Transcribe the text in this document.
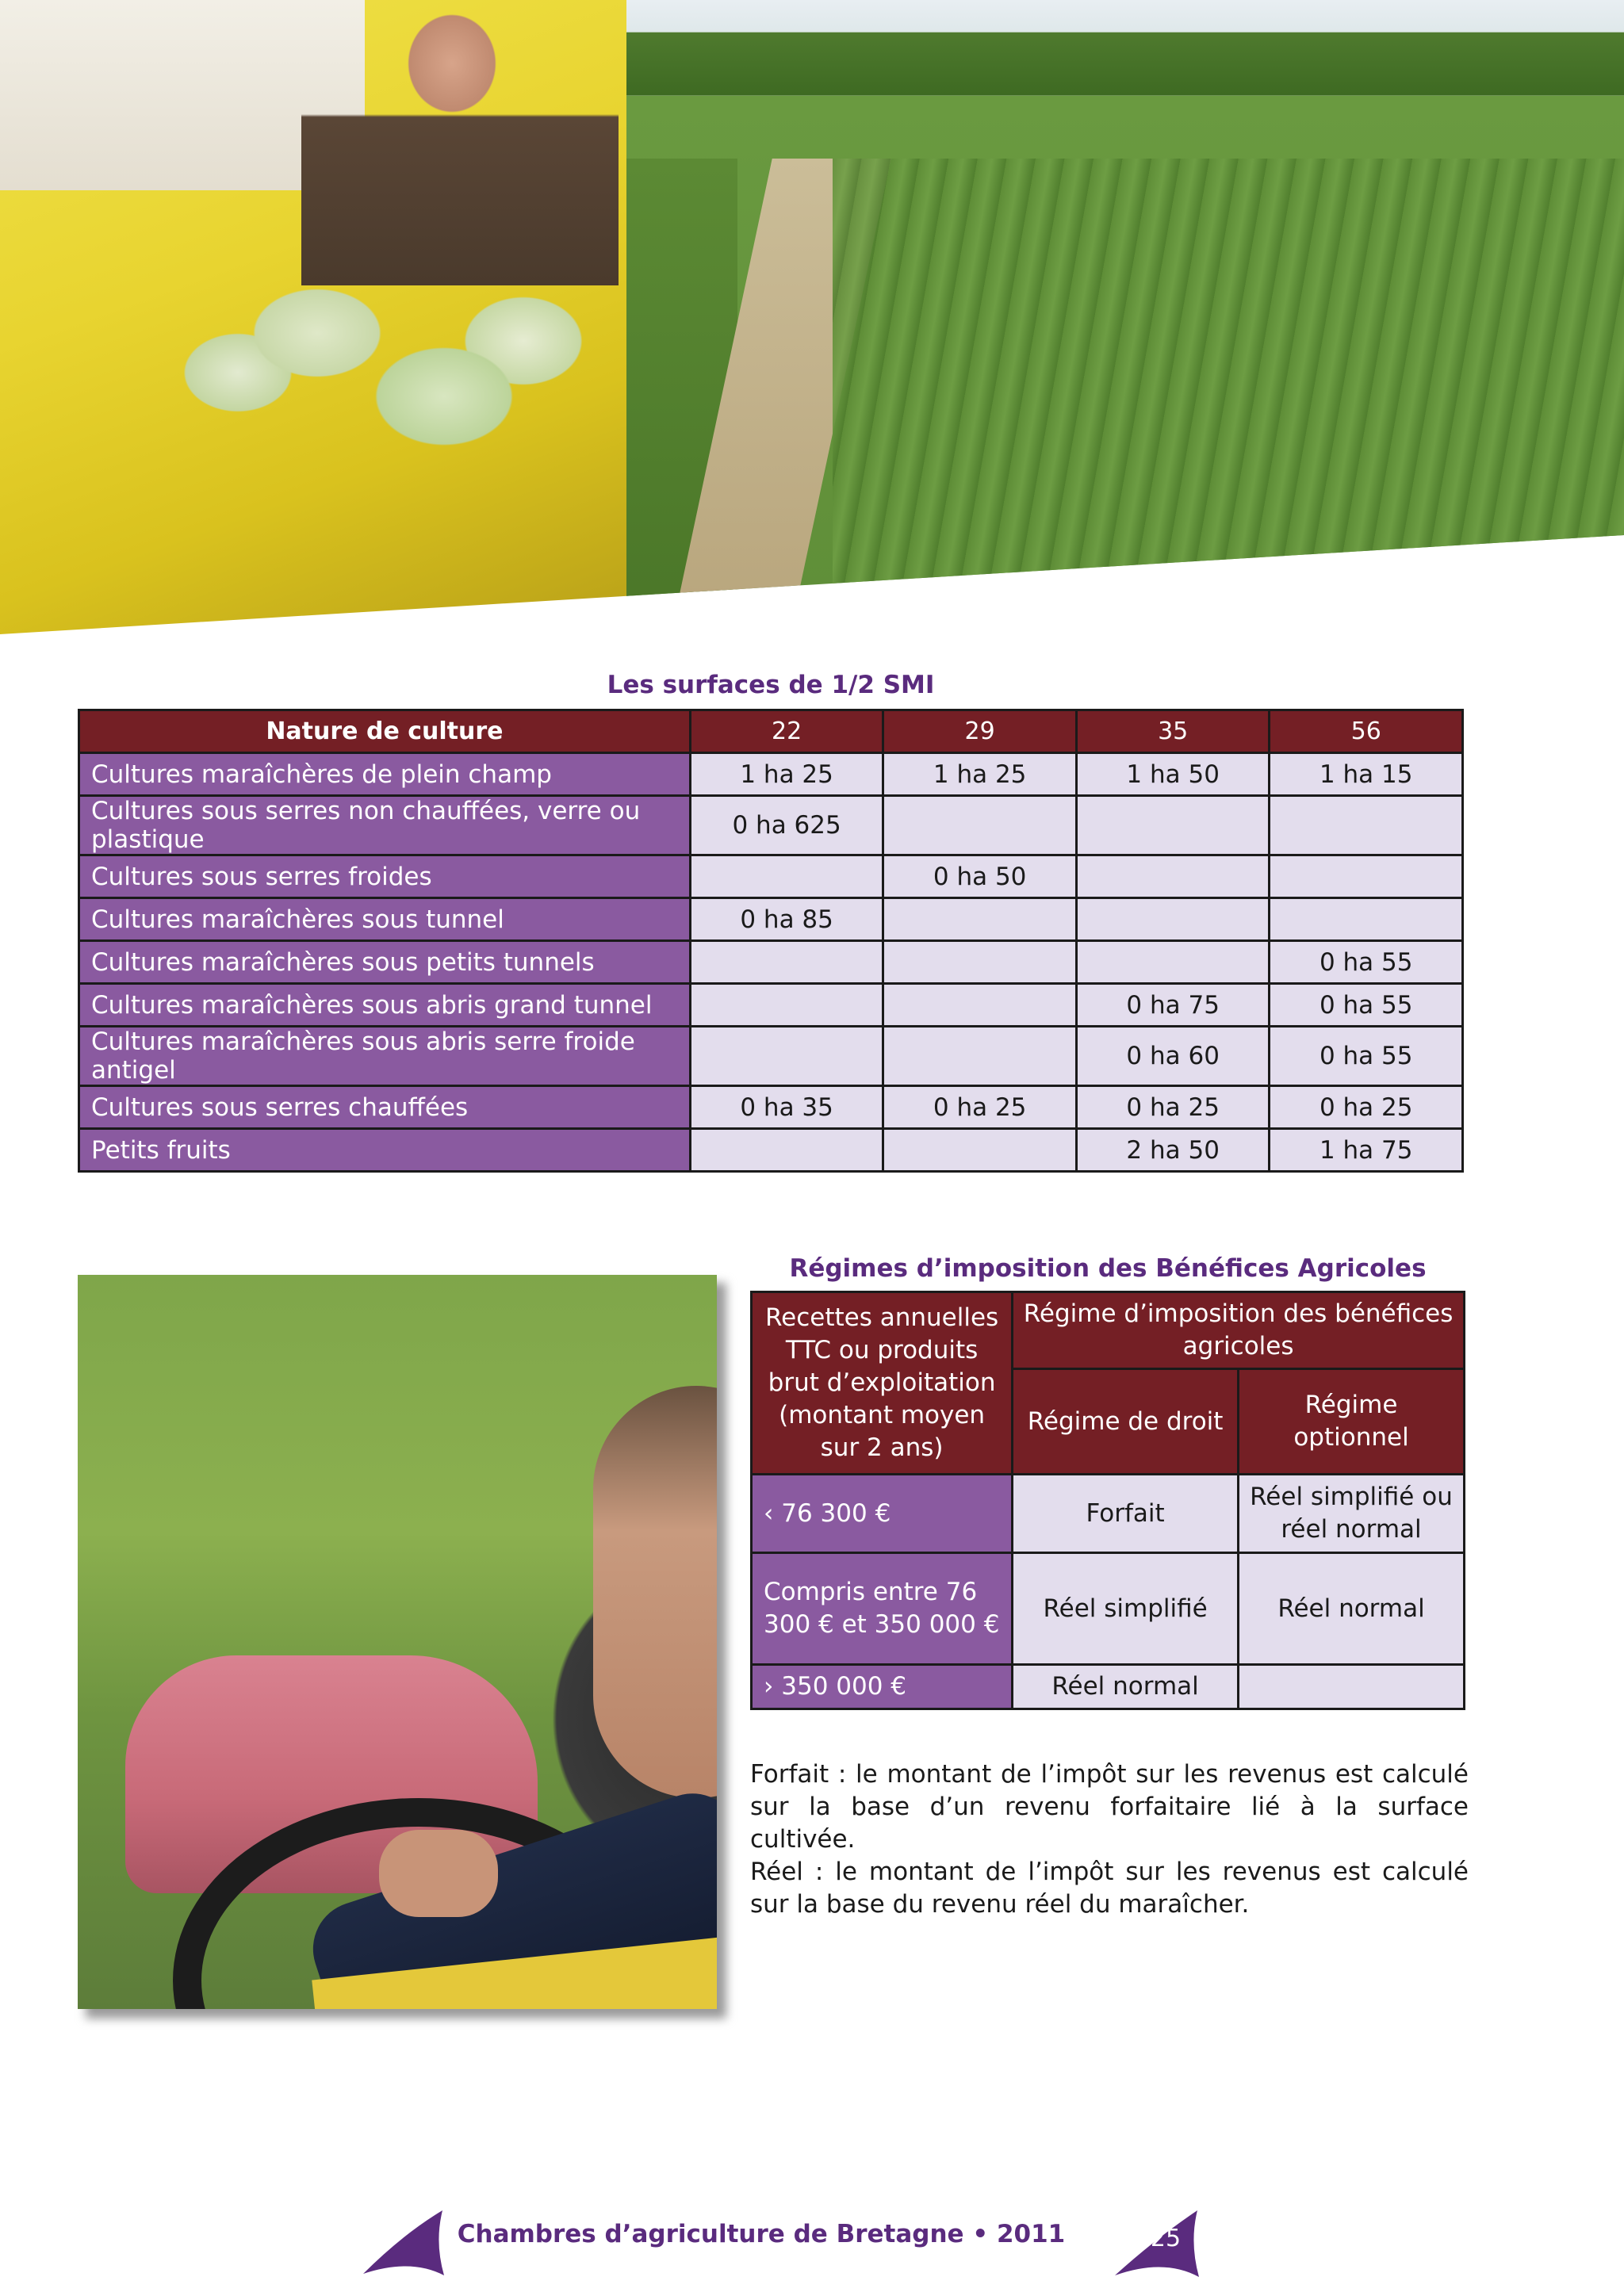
Les surfaces de 1/2 SMI
Nature de culture	22	29	35	56
Cultures maraîchères de plein champ	1 ha 25	1 ha 25	1 ha 50	1 ha 15
Cultures sous serres non chauffées, verre ou plastique	0 ha 625			
Cultures sous serres froides		0 ha 50		
Cultures maraîchères sous tunnel	0 ha 85			
Cultures maraîchères sous petits tunnels				0 ha 55
Cultures maraîchères sous abris grand tunnel			0 ha 75	0 ha 55
Cultures maraîchères sous abris serre froide antigel			0 ha 60	0 ha 55
Cultures sous serres chauffées	0 ha 35	0 ha 25	0 ha 25	0 ha 25
Petits fruits			2 ha 50	1 ha 75
Régimes d’imposition des Bénéfices Agricoles
Recettes annuelles TTC ou produits brut d’exploitation (montant moyen sur 2 ans)	Régime d’imposition des bénéfices agricoles	
	Régime de droit	Régime optionnel
‹ 76 300 €	Forfait	Réel simplifié ou réel normal
Compris entre 76 300 € et 350 000 €	Réel simplifié	Réel normal
› 350 000 €	Réel normal	

Forfait : le montant de l’impôt sur les revenus est calculé sur la base d’un revenu forfaitaire lié à la surface cultivée.

Réel : le montant de l’impôt sur les revenus est calculé sur la base du revenu réel du maraîcher.

Chambres d’agriculture de Bretagne • 2011	25
